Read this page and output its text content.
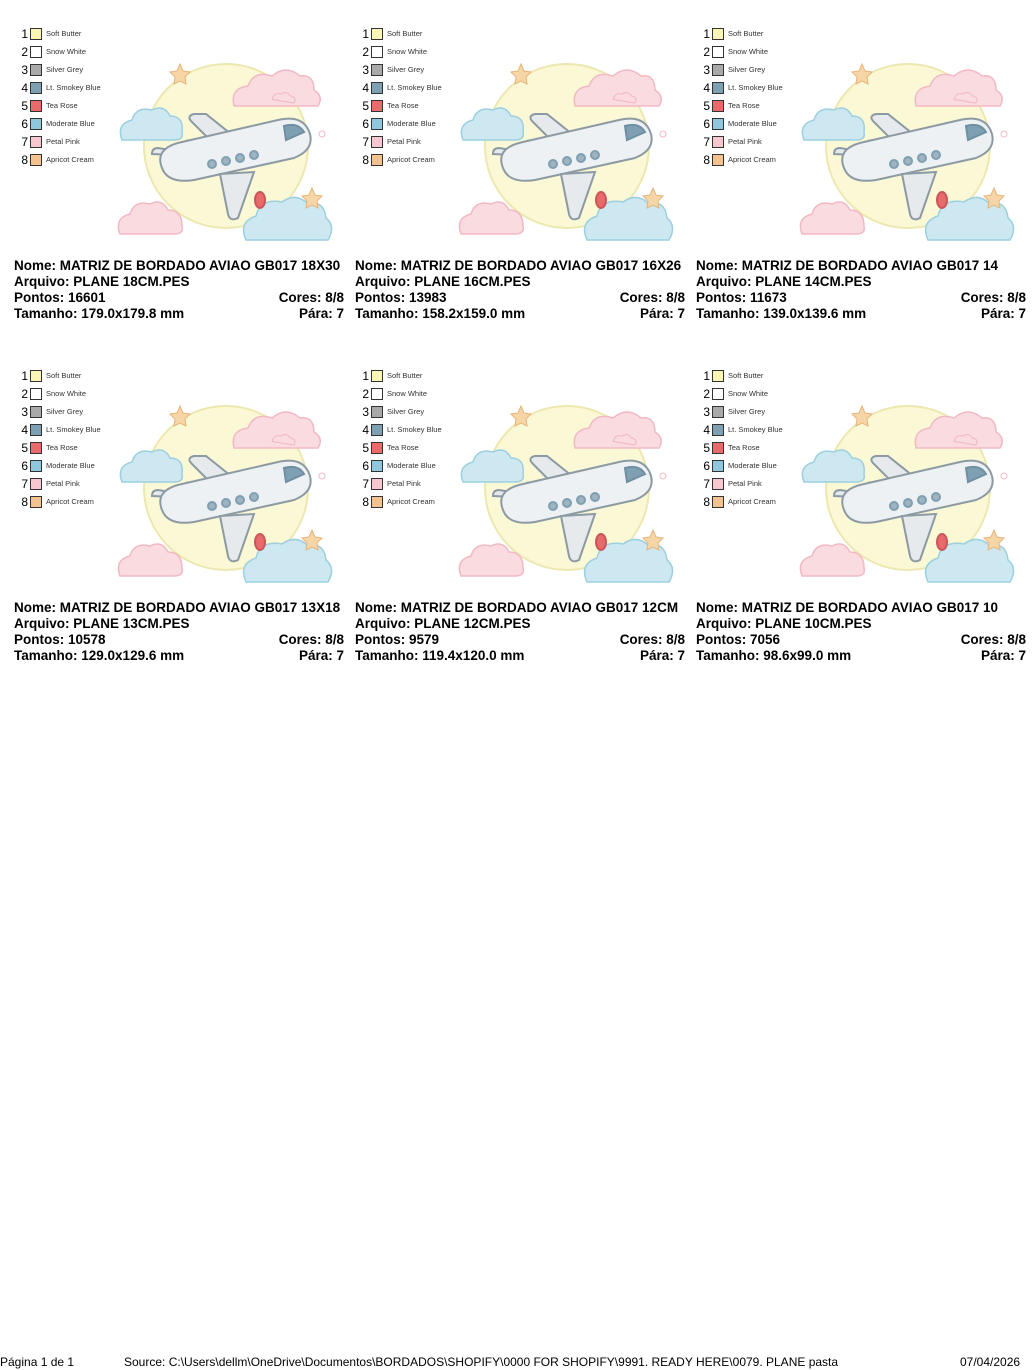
1 Soft Butter
2 Snow White
3 Silver Grey
4 Lt. Smokey Blue
5 Tea Rose
6 Moderate Blue
7 Petal Pink
8 Apricot Cream
Nome: MATRIZ DE BORDADO AVIAO GB017 18X30
Arquivo: PLANE 18CM.PES
Pontos: 16601	Cores: 8/8
Tamanho: 179.0x179.8 mm	Pára: 7
1 Soft Butter
2 Snow White
3 Silver Grey
4 Lt. Smokey Blue
5 Tea Rose
6 Moderate Blue
7 Petal Pink
8 Apricot Cream
Nome: MATRIZ DE BORDADO AVIAO GB017 16X26
Arquivo: PLANE 16CM.PES
Pontos: 13983	Cores: 8/8
Tamanho: 158.2x159.0 mm	Pára: 7
1 Soft Butter
2 Snow White
3 Silver Grey
4 Lt. Smokey Blue
5 Tea Rose
6 Moderate Blue
7 Petal Pink
8 Apricot Cream
Nome: MATRIZ DE BORDADO AVIAO GB017 14
Arquivo: PLANE 14CM.PES
Pontos: 11673	Cores: 8/8
Tamanho: 139.0x139.6 mm	Pára: 7
1 Soft Butter
2 Snow White
3 Silver Grey
4 Lt. Smokey Blue
5 Tea Rose
6 Moderate Blue
7 Petal Pink
8 Apricot Cream
Nome: MATRIZ DE BORDADO AVIAO GB017 13X18
Arquivo: PLANE 13CM.PES
Pontos: 10578	Cores: 8/8
Tamanho: 129.0x129.6 mm	Pára: 7
1 Soft Butter
2 Snow White
3 Silver Grey
4 Lt. Smokey Blue
5 Tea Rose
6 Moderate Blue
7 Petal Pink
8 Apricot Cream
Nome: MATRIZ DE BORDADO AVIAO GB017 12CM
Arquivo: PLANE 12CM.PES
Pontos: 9579	Cores: 8/8
Tamanho: 119.4x120.0 mm	Pára: 7
1 Soft Butter
2 Snow White
3 Silver Grey
4 Lt. Smokey Blue
5 Tea Rose
6 Moderate Blue
7 Petal Pink
8 Apricot Cream
Nome: MATRIZ DE BORDADO AVIAO GB017 10
Arquivo: PLANE 10CM.PES
Pontos: 7056	Cores: 8/8
Tamanho: 98.6x99.0 mm	Pára: 7
Página 1 de 1	Source: C:\Users\dellm\OneDrive\Documentos\BORDADOS\SHOPIFY\0000 FOR SHOPIFY\9991. READY HERE\0079. PLANE pasta	07/04/2026
